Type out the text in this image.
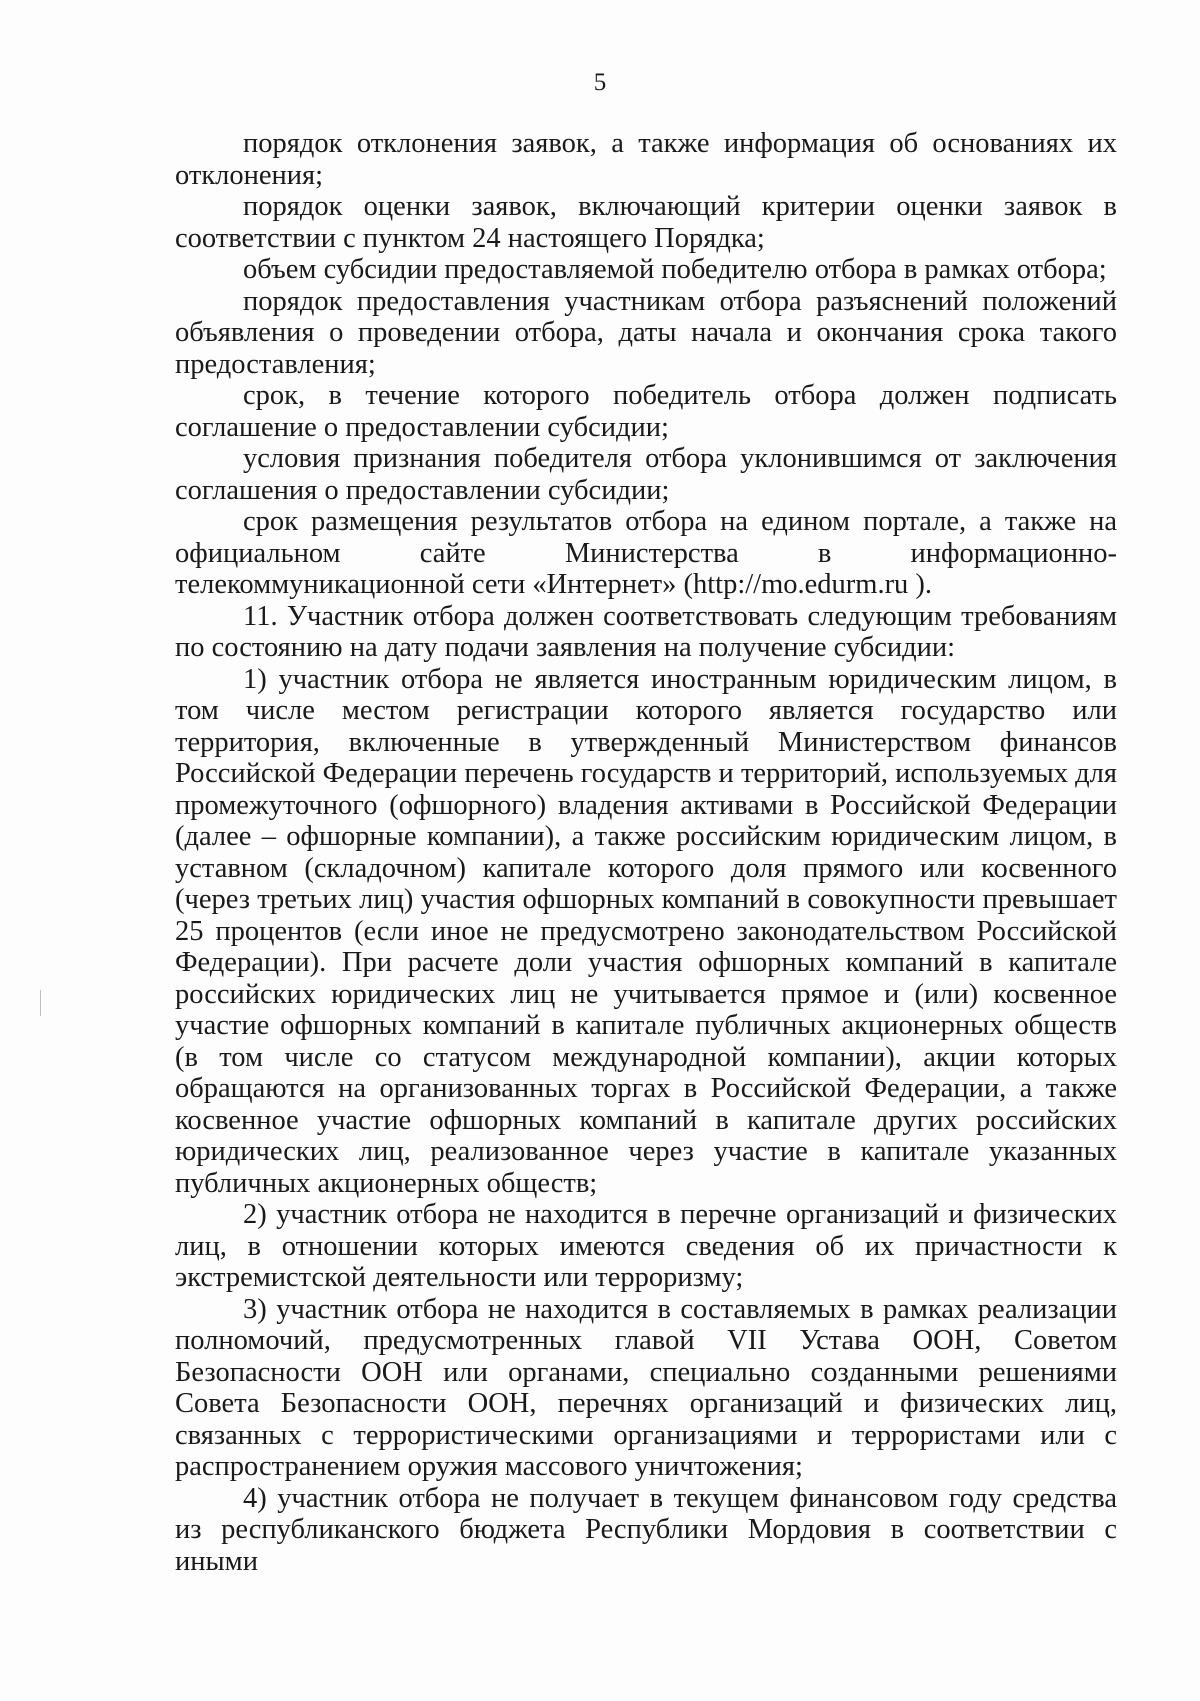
5

порядок отклонения заявок, а также информация об основаниях их отклонения;

порядок оценки заявок, включающий критерии оценки заявок в соответствии с пунктом 24 настоящего Порядка;

объем субсидии предоставляемой победителю отбора в рамках отбора;

порядок предоставления участникам отбора разъяснений положений объявления о проведении отбора, даты начала и окончания срока такого предоставления;

срок, в течение которого победитель отбора должен подписать соглашение о предоставлении субсидии;

условия признания победителя отбора уклонившимся от заключения соглашения о предоставлении субсидии;

срок размещения результатов отбора на едином портале, а также на официальном сайте Министерства в информационно-телекоммуникационной сети «Интернет» (http://mo.edurm.ru ).

11. Участник отбора должен соответствовать следующим требованиям по состоянию на дату подачи заявления на получение субсидии:

1) участник отбора не является иностранным юридическим лицом, в том числе местом регистрации которого является государство или территория, включенные в утвержденный Министерством финансов Российской Федерации перечень государств и территорий, используемых для промежуточного (офшорного) владения активами в Российской Федерации (далее – офшорные компании), а также российским юридическим лицом, в уставном (складочном) капитале которого доля прямого или косвенного (через третьих лиц) участия офшорных компаний в совокупности превышает 25 процентов (если иное не предусмотрено законодательством Российской Федерации). При расчете доли участия офшорных компаний в капитале российских юридических лиц не учитывается прямое и (или) косвенное участие офшорных компаний в капитале публичных акционерных обществ (в том числе со статусом международной компании), акции которых обращаются на организованных торгах в Российской Федерации, а также косвенное участие офшорных компаний в капитале других российских юридических лиц, реализованное через участие в капитале указанных публичных акционерных обществ;

2) участник отбора не находится в перечне организаций и физических лиц, в отношении которых имеются сведения об их причастности к экстремистской деятельности или терроризму;

3) участник отбора не находится в составляемых в рамках реализации полномочий, предусмотренных главой VII Устава ООН, Советом Безопасности ООН или органами, специально созданными решениями Совета Безопасности ООН, перечнях организаций и физических лиц, связанных с террористическими организациями и террористами или с распространением оружия массового уничтожения;

4) участник отбора не получает в текущем финансовом году средства из республиканского бюджета Республики Мордовия в соответствии с иными
